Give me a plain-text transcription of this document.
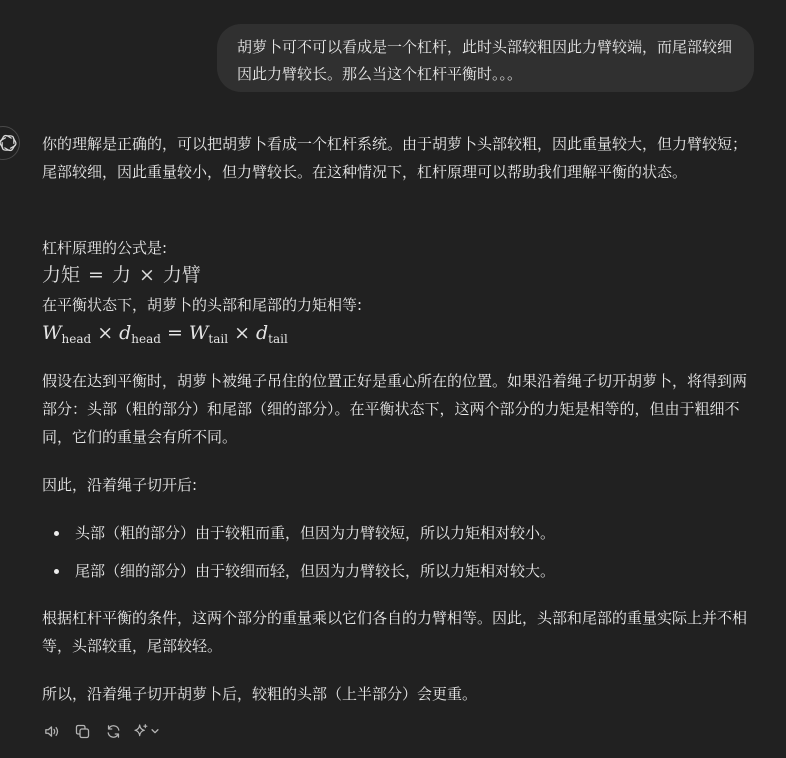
胡萝卜可不可以看成是一个杠杆，此时头部较粗因此力臂较端，而尾部较细因此力臂较长。那么当这个杠杆平衡时。。。

你的理解是正确的，可以把胡萝卜看成一个杠杆系统。由于胡萝卜头部较粗，因此重量较大，但力臂较短；尾部较细，因此重量较小，但力臂较长。在这种情况下，杠杆原理可以帮助我们理解平衡的状态。

杠杆原理的公式是:

力矩 = 力 × 力臂

在平衡状态下，胡萝卜的头部和尾部的力矩相等:

$W_{head} \times d_{head} = W_{tail} \times d_{tail}$

假设在达到平衡时，胡萝卜被绳子吊住的位置正好是重心所在的位置。如果沿着绳子切开胡萝卜，将得到两部分：头部（粗的部分）和尾部（细的部分）。在平衡状态下，这两个部分的力矩是相等的，但由于粗细不同，它们的重量会有所不同。

因此，沿着绳子切开后:

头部（粗的部分）由于较粗而重，但因为力臂较短，所以力矩相对较小。
尾部（细的部分）由于较细而轻，但因为力臂较长，所以力矩相对较大。

根据杠杆平衡的条件，这两个部分的重量乘以它们各自的力臂相等。因此，头部和尾部的重量实际上并不相等，头部较重，尾部较轻。

所以，沿着绳子切开胡萝卜后，较粗的头部（上半部分）会更重。
